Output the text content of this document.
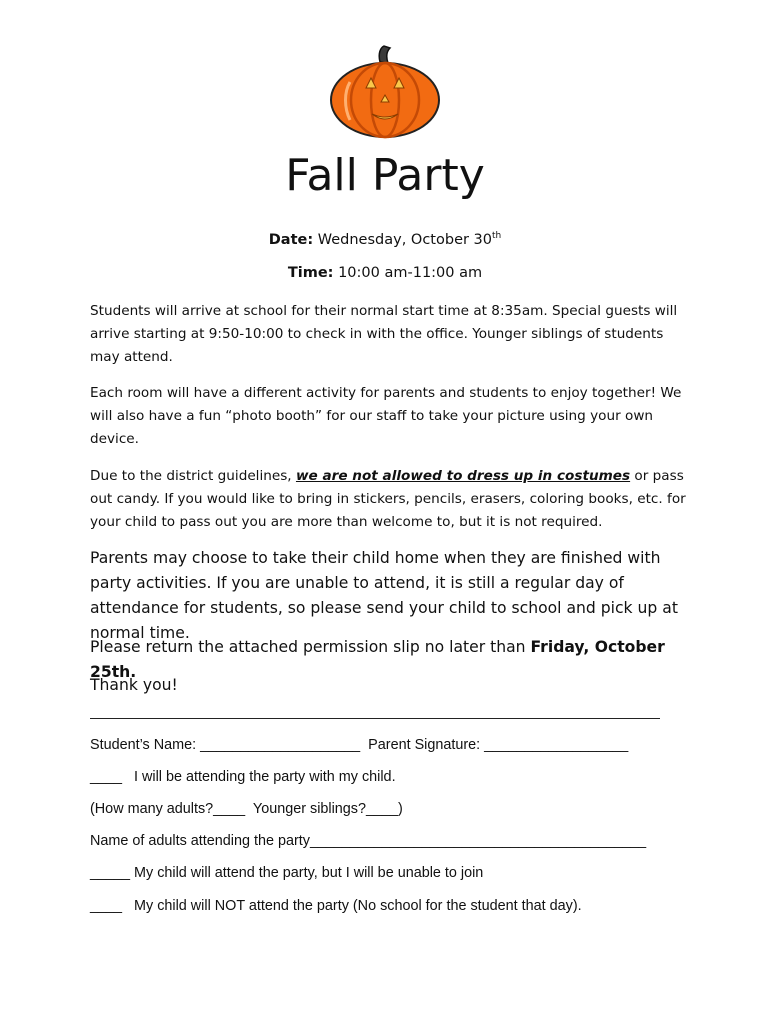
Fall Party
Date: Wednesday, October 30th
Time: 10:00 am-11:00 am
Students will arrive at school for their normal start time at 8:35am. Special guests will arrive starting at 9:50-10:00 to check in with the office. Younger siblings of students may attend.
Each room will have a different activity for parents and students to enjoy together! We will also have a fun “photo booth” for our staff to take your picture using your own device.
Due to the district guidelines, we are not allowed to dress up in costumes or pass out candy. If you would like to bring in stickers, pencils, erasers, coloring books, etc. for your child to pass out you are more than welcome to, but it is not required.
Parents may choose to take their child home when they are finished with party activities. If you are unable to attend, it is still a regular day of attendance for students, so please send your child to school and pick up at normal time.
Please return the attached permission slip no later than Friday, October 25th.
Thank you!
Student’s Name: ____________________  Parent Signature: __________________
____   I will be attending the party with my child.
(How many adults?____  Younger siblings?____)
Name of adults attending the party__________________________________________
_____ My child will attend the party, but I will be unable to join
____   My child will NOT attend the party (No school for the student that day).
